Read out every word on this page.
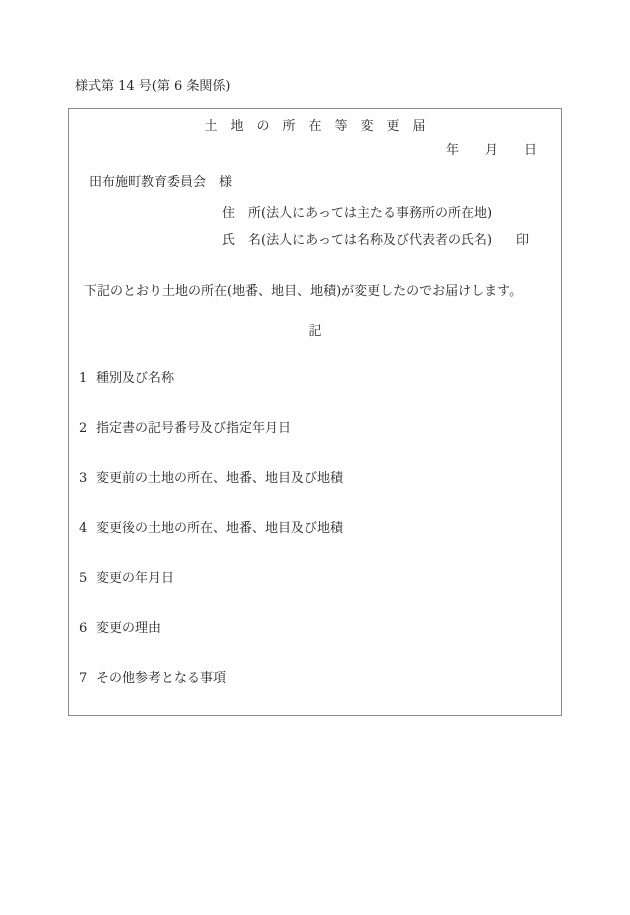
様式第 14 号(第 6 条関係)
土　地　の　所　在　等　変　更　届
年　　月　　日
田布施町教育委員会　様
住　所(法人にあっては主たる事務所の所在地)
氏　名(法人にあっては名称及び代表者の氏名) 印
下記のとおり土地の所在(地番、地目、地積)が変更したのでお届けします。
記
1 種別及び名称
2 指定書の記号番号及び指定年月日
3 変更前の土地の所在、地番、地目及び地積
4 変更後の土地の所在、地番、地目及び地積
5 変更の年月日
6 変更の理由
7 その他参考となる事項
